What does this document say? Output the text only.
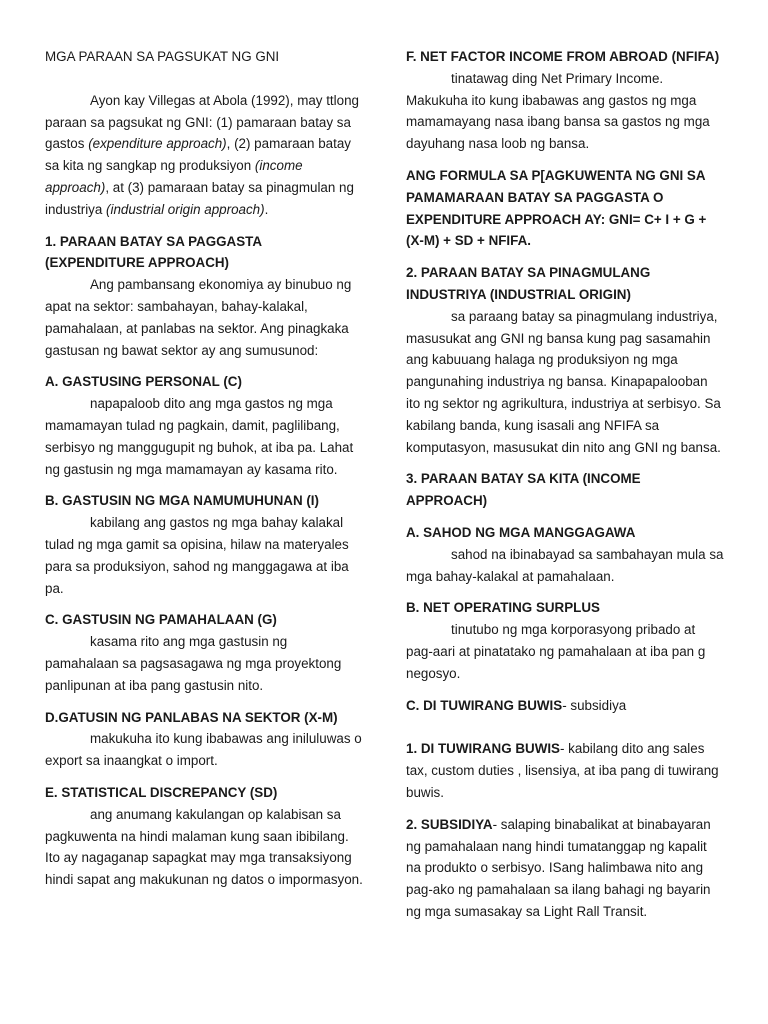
MGA PARAAN SA PAGSUKAT NG GNI

Ayon kay Villegas at Abola (1992), may ttlong paraan sa pagsukat ng GNI: (1) pamaraan batay sa gastos (expenditure approach), (2) pamaraan batay sa kita ng sangkap ng produksiyon (income approach), at (3) pamaraan batay sa pinagmulan ng industriya (industrial origin approach).

1. PARAAN BATAY SA PAGGASTA (EXPENDITURE APPROACH)

Ang pambansang ekonomiya ay binubuo ng apat na sektor: sambahayan, bahay-kalakal, pamahalaan, at panlabas na sektor. Ang pinagkaka gastusan ng bawat sektor ay ang sumusunod:

A. GASTUSING PERSONAL (C)

napapaloob dito ang mga gastos ng mga mamamayan tulad ng pagkain, damit, paglilibang, serbisyo ng manggugupit ng buhok, at iba pa. Lahat ng gastusin ng mga mamamayan ay kasama rito.

B. GASTUSIN NG MGA NAMUMUHUNAN (I)

kabilang ang gastos ng mga bahay kalakal tulad ng mga gamit sa opisina, hilaw na materyales para sa produksiyon, sahod ng manggagawa at iba pa.

C. GASTUSIN NG PAMAHALAAN (G)

kasama rito ang mga gastusin ng pamahalaan sa pagsasagawa ng mga proyektong panlipunan at iba pang gastusin nito.

D.GATUSIN NG PANLABAS NA SEKTOR (X-M)

makukuha ito kung ibabawas ang iniluluwas o export sa inaangkat o import.

E. STATISTICAL DISCREPANCY (SD)

ang anumang kakulangan op kalabisan sa pagkuwenta na hindi malaman kung saan ibibilang. Ito ay nagaganap sapagkat may mga transaksiyong hindi sapat ang makukunan ng datos o impormasyon.

F. NET FACTOR INCOME FROM ABROAD (NFIFA)

tinatawag ding Net Primary Income. Makukuha ito kung ibabawas ang gastos ng mga mamamayang nasa ibang bansa sa gastos ng mga dayuhang nasa loob ng bansa.

ANG FORMULA SA P[AGKUWENTA NG GNI SA PAMAMARAAN BATAY SA PAGGASTA O EXPENDITURE APPROACH AY: GNI= C+ I + G + (X-M) + SD + NFIFA.

2. PARAAN BATAY SA PINAGMULANG INDUSTRIYA (INDUSTRIAL ORIGIN)

sa paraang batay sa pinagmulang industriya, masusukat ang GNI ng bansa kung pag sasamahin ang kabuuang halaga ng produksiyon ng mga pangunahing industriya ng bansa. Kinapapalooban ito ng sektor ng agrikultura, industriya at serbisyo. Sa kabilang banda, kung isasali ang NFIFA sa komputasyon, masusukat din nito ang GNI ng bansa.

3. PARAAN BATAY SA KITA (INCOME APPROACH)

A. SAHOD NG MGA MANGGAGAWA

sahod na ibinabayad sa sambahayan mula sa mga bahay-kalakal at pamahalaan.

B. NET OPERATING SURPLUS

tinutubo ng mga korporasyong pribado at pag-aari at pinatatako ng pamahalaan at iba pan g negosyo.

C. DI TUWIRANG BUWIS- subsidiya

1. DI TUWIRANG BUWIS- kabilang dito ang sales tax, custom duties , lisensiya, at iba pang di tuwirang buwis.

2. SUBSIDIYA- salaping binabalikat at binabayaran ng pamahalaan nang hindi tumatanggap ng kapalit na produkto o serbisyo. ISang halimbawa nito ang pag-ako ng pamahalaan sa ilang bahagi ng bayarin ng mga sumasakay sa Light Rall Transit.
